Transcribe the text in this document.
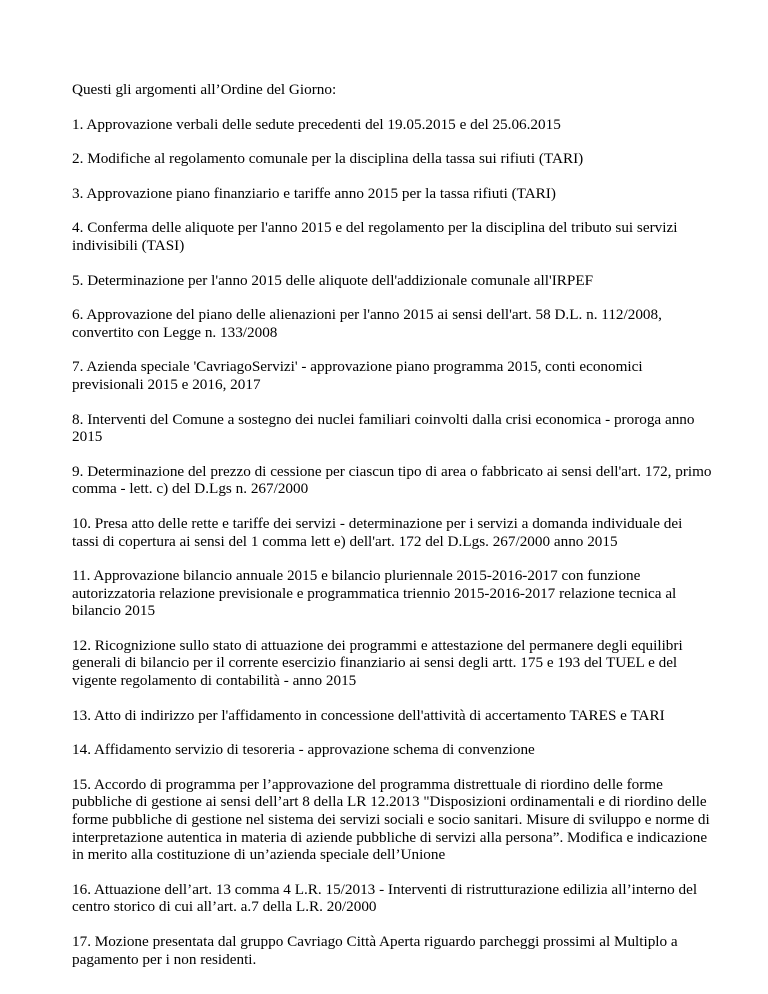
Questi gli argomenti all’Ordine del Giorno:

1. Approvazione verbali delle sedute precedenti del 19.05.2015 e del 25.06.2015
2. Modifiche al regolamento comunale per la disciplina della tassa sui rifiuti (TARI)
3. Approvazione piano finanziario e tariffe anno 2015 per la tassa rifiuti (TARI)
4. Conferma delle aliquote per l'anno 2015 e del regolamento per la disciplina del tributo sui servizi indivisibili (TASI)
5. Determinazione per l'anno 2015 delle aliquote dell'addizionale comunale all'IRPEF
6. Approvazione del piano delle alienazioni per l'anno 2015 ai sensi dell'art. 58 D.L. n. 112/2008, convertito con Legge n. 133/2008
7. Azienda speciale 'CavriagoServizi' - approvazione piano programma 2015, conti economici previsionali 2015 e 2016, 2017
8. Interventi del Comune a sostegno dei nuclei familiari coinvolti dalla crisi economica - proroga anno 2015
9. Determinazione del prezzo di cessione per ciascun tipo di area o fabbricato ai sensi dell'art. 172, primo comma - lett. c) del D.Lgs n. 267/2000
10. Presa atto delle rette e tariffe dei servizi - determinazione per i servizi a domanda individuale dei tassi di copertura ai sensi del 1 comma lett e) dell'art. 172 del D.Lgs. 267/2000 anno 2015
11. Approvazione bilancio annuale 2015 e bilancio pluriennale 2015-2016-2017 con funzione autorizzatoria relazione previsionale e programmatica triennio 2015-2016-2017 relazione tecnica al bilancio 2015
12. Ricognizione sullo stato di attuazione dei programmi e attestazione del permanere degli equilibri generali di bilancio per il corrente esercizio finanziario ai sensi degli artt. 175 e 193 del TUEL e del vigente regolamento di contabilità - anno 2015
13. Atto di indirizzo per l'affidamento in concessione dell'attività di accertamento TARES e TARI
14. Affidamento servizio di tesoreria - approvazione schema di convenzione
15. Accordo di programma per l’approvazione del programma distrettuale di riordino delle forme pubbliche di gestione ai sensi dell’art 8 della LR 12.2013 "Disposizioni ordinamentali e di riordino delle forme pubbliche di gestione nel sistema dei servizi sociali e socio sanitari. Misure di sviluppo e norme di interpretazione autentica in materia di aziende pubbliche di servizi alla persona”. Modifica e indicazione in merito alla costituzione di un’azienda speciale dell’Unione
16. Attuazione dell’art. 13 comma 4 L.R. 15/2013 - Interventi di ristrutturazione edilizia all’interno del centro storico di cui all’art. a.7 della L.R. 20/2000
17. Mozione presentata dal gruppo Cavriago Città Aperta riguardo parcheggi prossimi al Multiplo a pagamento per i non residenti.
